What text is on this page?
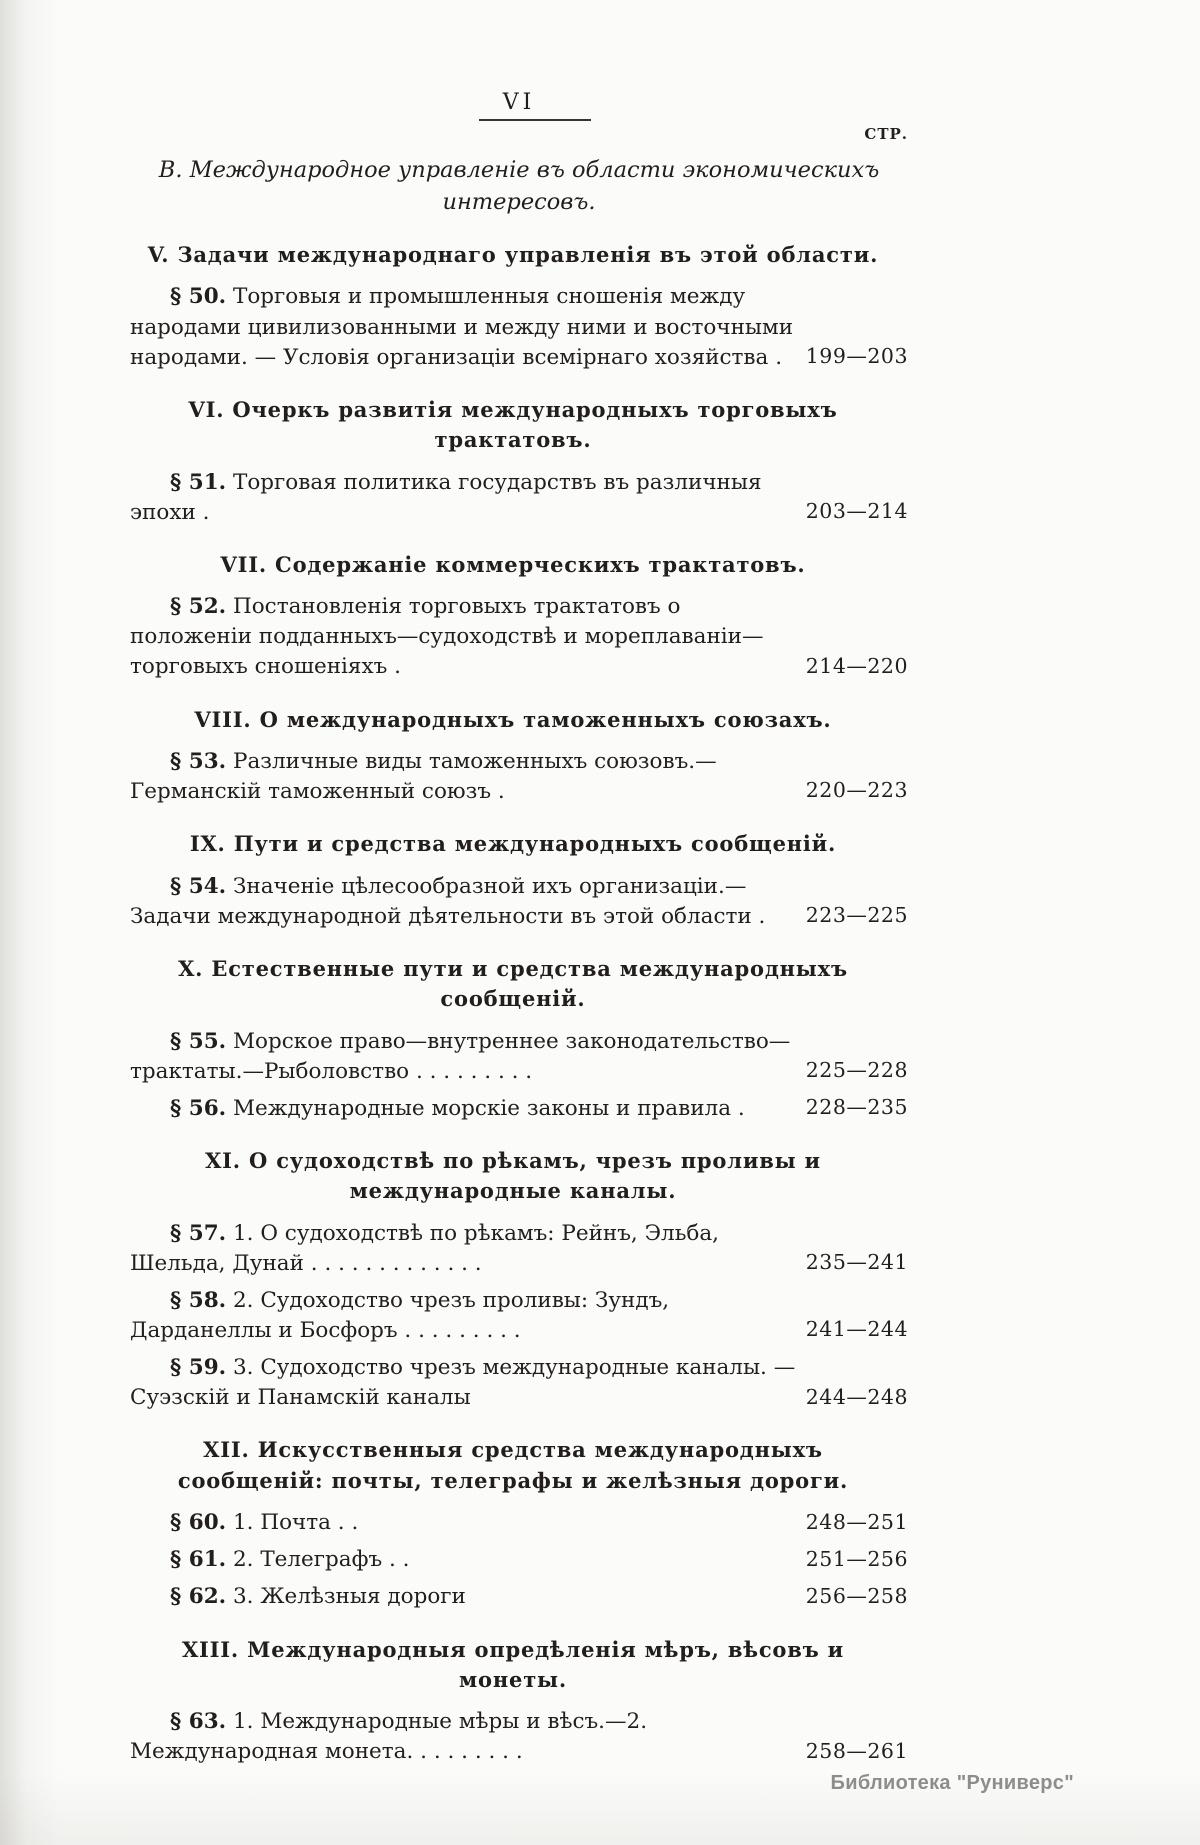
VI
СТР.

В. Международное управленіе въ области экономическихъ интересовъ.

V. Задачи международнаго управленія въ этой области.

§ 50. Торговыя и промышленныя сношенія между народами цивилизованными и между ними и восточными народами. — Условія организаціи всемірнаго хозяйства . 199—203

VI. Очеркъ развитія международныхъ торговыхъ трактатовъ.

§ 51. Торговая политика государствъ въ различныя эпохи .	203—214

VII. Содержаніе коммерческихъ трактатовъ.

§ 52. Постановленія торговыхъ трактатовъ о положеніи подданныхъ—судоходствѣ и мореплаваніи—торговыхъ сношеніяхъ .	214—220

VIII. О международныхъ таможенныхъ союзахъ.

§ 53. Различные виды таможенныхъ союзовъ.— Германскій таможенный союзъ .	220—223

IX. Пути и средства международныхъ сообщеній.

§ 54. Значеніе цѣлесообразной ихъ организаціи.—Задачи международной дѣятельности въ этой области . 223—225

X. Естественные пути и средства международныхъ сообщеній.

§ 55. Морское право—внутреннее законодательство—трактаты.—Рыболовство . . . . . . . . .	225—228

§ 56. Международные морскіе законы и правила .	228—235

XI. О судоходствѣ по рѣкамъ, чрезъ проливы и международные каналы.

§ 57. 1. О судоходствѣ по рѣкамъ: Рейнъ, Эльба, Шельда, Дунай . . . . . . . . . . . . .	235—241

§ 58. 2. Судоходство чрезъ проливы: Зундъ, Дарданеллы и Босфоръ . . . . . . . . .	241—244

§ 59. 3. Судоходство чрезъ международные каналы. — Суэзскій и Панамскій каналы	244—248

XII. Искусственныя средства международныхъ сообщеній: почты, телеграфы и желѣзныя дороги.

§ 60. 1. Почта . .	248—251

§ 61. 2. Телеграфъ . .	251—256

§ 62. 3. Желѣзныя дороги	256—258

XIII. Международныя опредѣленія мѣръ, вѣсовъ и монеты.

§ 63. 1. Международные мѣры и вѣсъ.—2. Международная монета. . . . . . . . .	258—261

Библиотека "Руниверс"
